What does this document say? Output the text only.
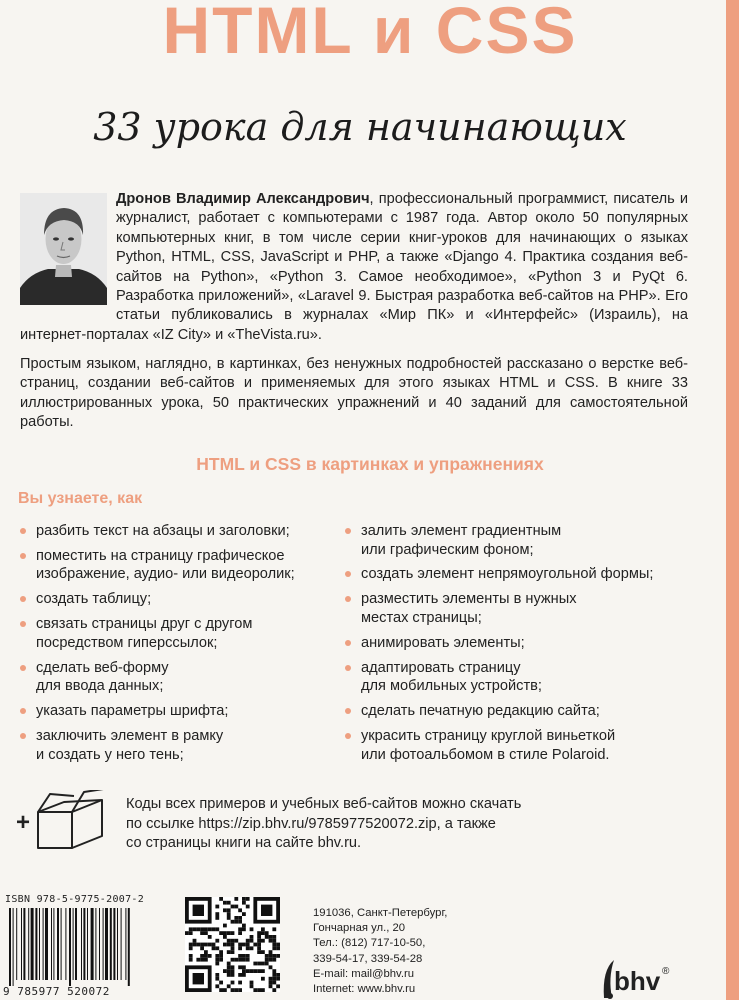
HTML и CSS
33 урока для начинающих
Дронов Владимир Александрович, профессиональный программист, писатель и журналист, работает с компьютерами с 1987 года. Автор около 50 популярных компьютерных книг, в том числе серии книг-уроков для начинающих о языках Python, HTML, CSS, JavaScript и PHP, а также «Django 4. Практика создания веб-сайтов на Python», «Python 3. Самое необходимое», «Python 3 и PyQt 6. Разработка приложений», «Laravel 9. Быстрая разработка веб-сайтов на PHP». Его статьи публиковались в журналах «Мир ПК» и «Интерфейс» (Израиль), на интернет-порталах «IZ City» и «TheVista.ru».
Простым языком, наглядно, в картинках, без ненужных подробностей рассказано о верстке веб-страниц, создании веб-сайтов и применяемых для этого языках HTML и CSS. В книге 33 иллюстрированных урока, 50 практических упражнений и 40 заданий для самостоятельной работы.
HTML и CSS в картинках и упражнениях
Вы узнаете, как
разбить текст на абзацы и заголовки;
поместить на страницу графическое
изображение, аудио- или видеоролик;
создать таблицу;
связать страницы друг с другом
посредством гиперссылок;
сделать веб-форму
для ввода данных;
указать параметры шрифта;
заключить элемент в рамку
и создать у него тень;
залить элемент градиентным
или графическим фоном;
создать элемент непрямоугольной формы;
разместить элементы в нужных
местах страницы;
анимировать элементы;
адаптировать страницу
для мобильных устройств;
сделать печатную редакцию сайта;
украсить страницу круглой виньеткой
или фотоальбомом в стиле Polaroid.
+
Коды всех примеров и учебных веб-сайтов можно скачать
по ссылке https://zip.bhv.ru/9785977520072.zip, а также
со страницы книги на сайте bhv.ru.
ISBN 978-5-9775-2007-2
9 785977 520072
191036, Санкт-Петербург,
Гончарная ул., 20
Тел.: (812) 717-10-50,
339-54-17, 339-54-28
E-mail: mail@bhv.ru
Internet: www.bhv.ru	bhv ®
